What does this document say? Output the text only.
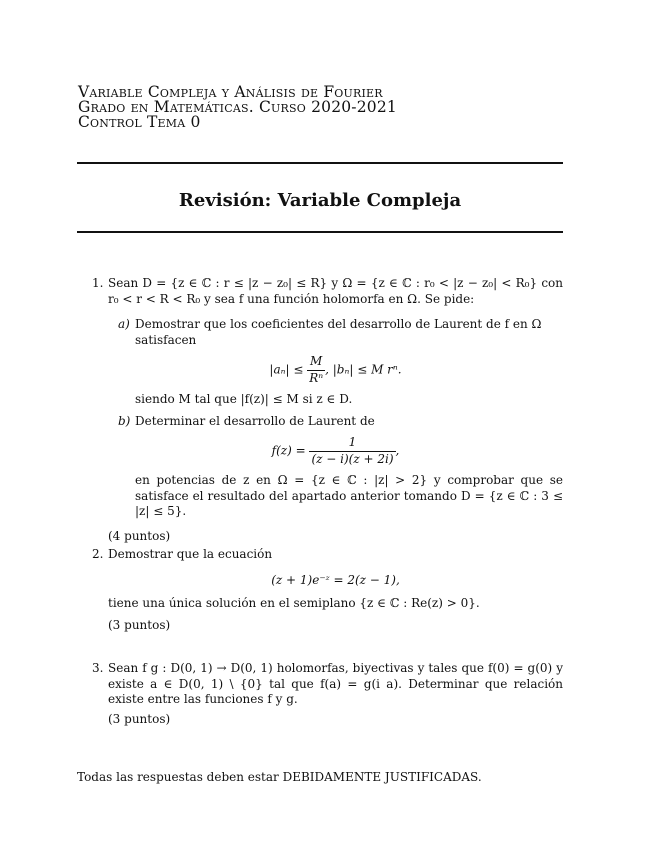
Variable Compleja y Análisis de Fourier
Grado en Matemáticas. Curso 2020-2021
Control Tema 0
Revisión: Variable Compleja
1. Sean D = {z ∈ ℂ : r ≤ |z − z₀| ≤ R} y Ω = {z ∈ ℂ : r₀ < |z − z₀| < R₀} con r₀ < r < R < R₀ y sea f una función holomorfa en Ω. Se pide:
a) Demostrar que los coeficientes del desarrollo de Laurent de f en Ω satisfacen
$|a_n| \le \frac{M}{\text{Rⁿ}}$ , |bₙ| ≤ M rⁿ.
siendo M tal que |f(z)| ≤ M si z ∈ D.
b) Determinar el desarrollo de Laurent de
$f(z) = \frac{1}{(z - i)(z + 2i)}$ ,
en potencias de z en Ω = {z ∈ ℂ : |z| > 2} y comprobar que se satisface el resultado del apartado anterior tomando D = {z ∈ ℂ : 3 ≤ |z| ≤ 5}.
(4 puntos)
2. Demostrar que la ecuación
(z + 1)e⁻ᶻ = 2(z − 1),
tiene una única solución en el semiplano {z ∈ ℂ : Re(z) > 0}.
(3 puntos)
3. Sean f g : D(0, 1) → D(0, 1) holomorfas, biyectivas y tales que f(0) = g(0) y existe a ∈ D(0, 1) \ {0} tal que f(a) = g(i a). Determinar que relación existe entre las funciones f y g.
(3 puntos)
Todas las respuestas deben estar DEBIDAMENTE JUSTIFICADAS.
